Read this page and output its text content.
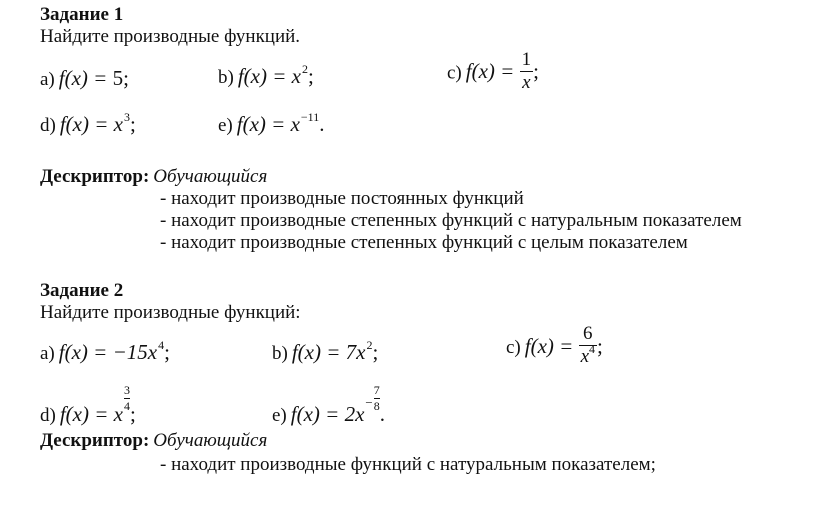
Задание 1
Найдите производные функций.
a) f(x) = 5;	b) $f(x) = x^2$;	c) $f(x) = \frac{1}{x}$ ;
d) $f(x) = x^3$;	e) $f(x) = x^{-11}$.
Дескриптор: Обучающийся
- находит производные постоянных функций
- находит производные степенных функций с натуральным показателем
- находит производные степенных функций с целым показателем
Задание 2
Найдите производные функций:
a) $f(x) = -15x^4$;	b) $f(x) = 7x^2$;	c) $f(x) = \frac{6}{x^4}$ ;
d) $f(x) = x\frac{3}{4}$;	e) $f(x) = 2x^-\frac{7}{8}$.
Дескриптор: Обучающийся
- находит производные функций с натуральным показателем;
